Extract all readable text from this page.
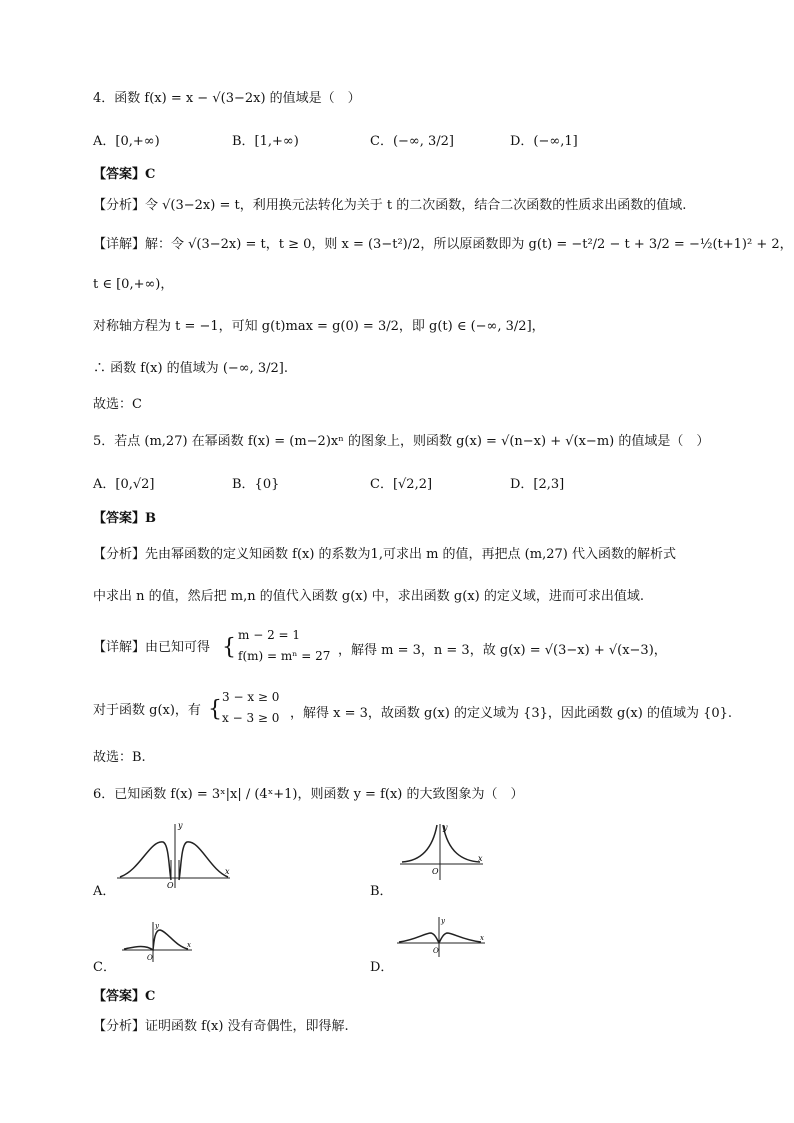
4．函数 f(x) = x − √(3−2x) 的值域是（　）
A．[0,+∞)	B．[1,+∞)	C．(−∞, 3/2]	D．(−∞,1]
【答案】C
【分析】令 √(3−2x) = t，利用换元法转化为关于 t 的二次函数，结合二次函数的性质求出函数的值域.
【详解】解：令 √(3−2x) = t，t ≥ 0，则 x = (3−t²)/2，所以原函数即为 g(t) = −t²/2 − t + 3/2 = −½(t+1)² + 2，
t ∈ [0,+∞)，
对称轴方程为 t = −1，可知 g(t)max = g(0) = 3/2，即 g(t) ∈ (−∞, 3/2]，
∴ 函数 f(x) 的值域为 (−∞, 3/2].
故选：C
5．若点 (m,27) 在幂函数 f(x) = (m−2)xⁿ 的图象上，则函数 g(x) = √(n−x) + √(x−m) 的值域是（　）
A．[0,√2]	B．{0}	C．[√2,2]	D．[2,3]
【答案】B
【分析】先由幂函数的定义知函数 f(x) 的系数为1,可求出 m 的值，再把点 (m,27) 代入函数的解析式
中求出 n 的值，然后把 m,n 的值代入函数 g(x) 中，求出函数 g(x) 的定义域，进而可求出值域.
【详解】由已知可得 { m − 2 = 1
f(m) = mⁿ = 27 ，解得 m = 3，n = 3，故 g(x) = √(3−x) + √(x−3)，
对于函数 g(x)，有 { 3 − x ≥ 0
x − 3 ≥ 0 ，解得 x = 3，故函数 g(x) 的定义域为 {3}，因此函数 g(x) 的值域为 {0}.
故选：B.
6．已知函数 f(x) = 3ˣ|x| / (4ˣ+1)，则函数 y = f(x) 的大致图象为（　）
A．
x
y
O	B．
x
y
O
C．
x
y
O
D．
x
y
O
【答案】C
【分析】证明函数 f(x) 没有奇偶性，即得解.
